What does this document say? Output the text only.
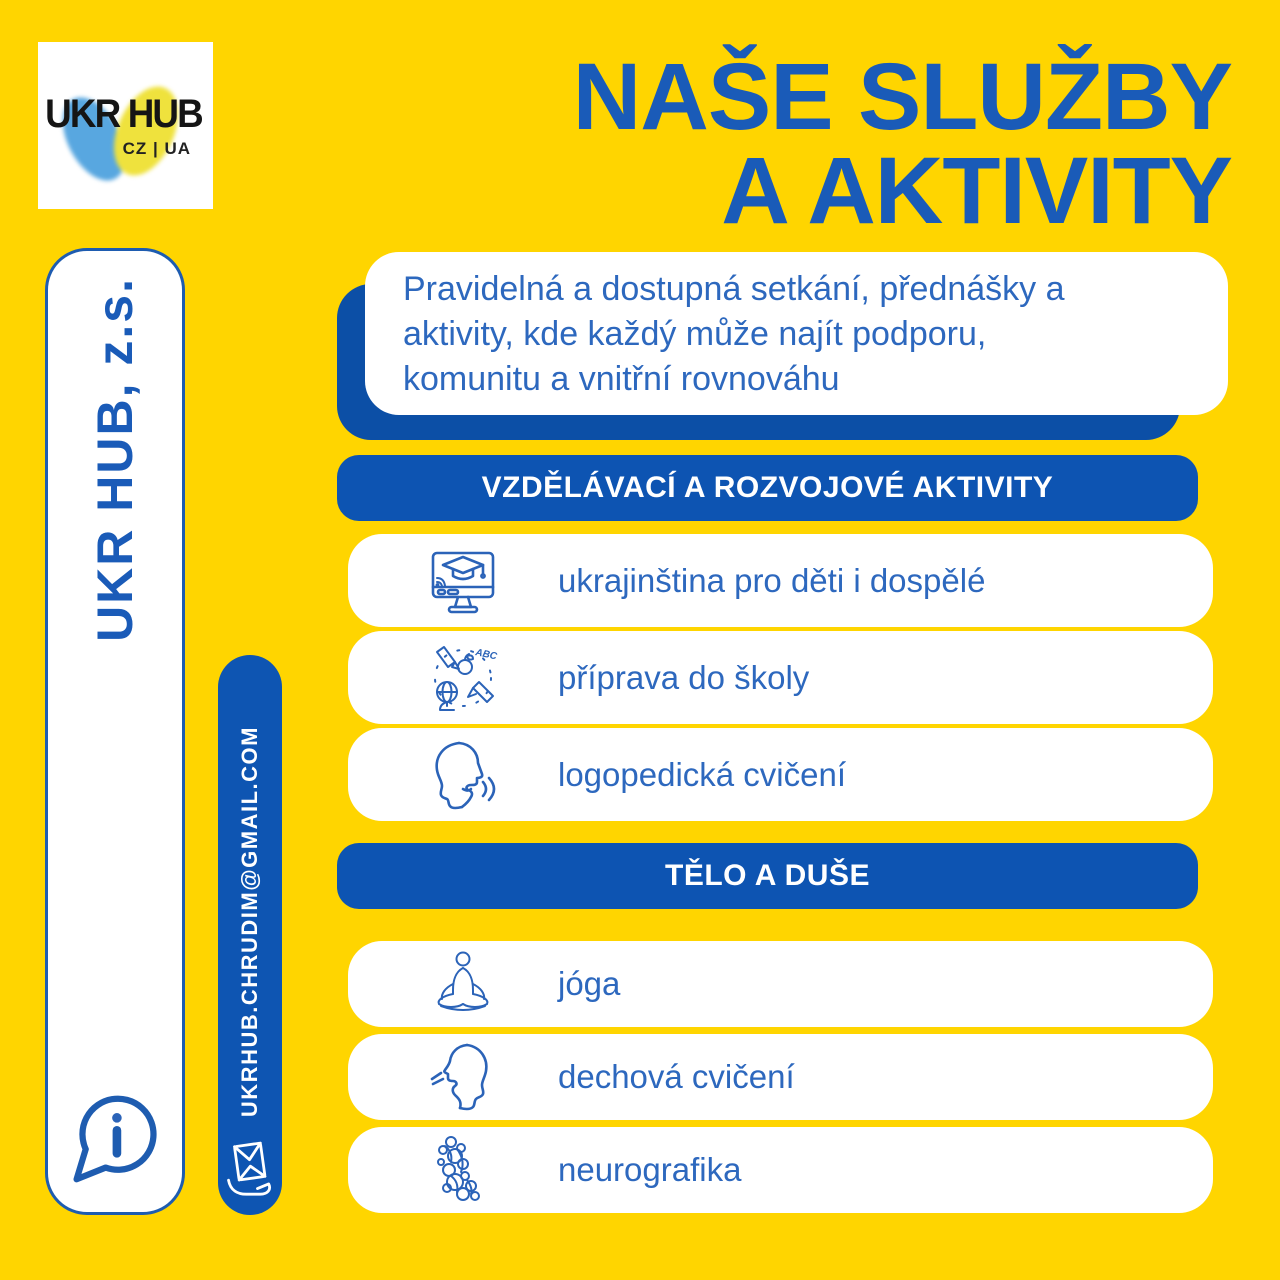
UKR HUB
CZ | UA	NAŠE SLUŽBY
A AKTIVITY
UKR HUB, z.s.
UKRHUB.CHRUDIM@GMAIL.COM
Pravidelná a dostupná setkání, přednášky a
aktivity, kde každý může najít podporu,
komunitu a vnitřní rovnováhu
VZDĚLÁVACÍ A ROZVOJOVÉ AKTIVITY
ukrajinština pro děti i dospělé
ABC
příprava do školy
logopedická cvičení
TĚLO A DUŠE
jóga
dechová cvičení
neurografika
